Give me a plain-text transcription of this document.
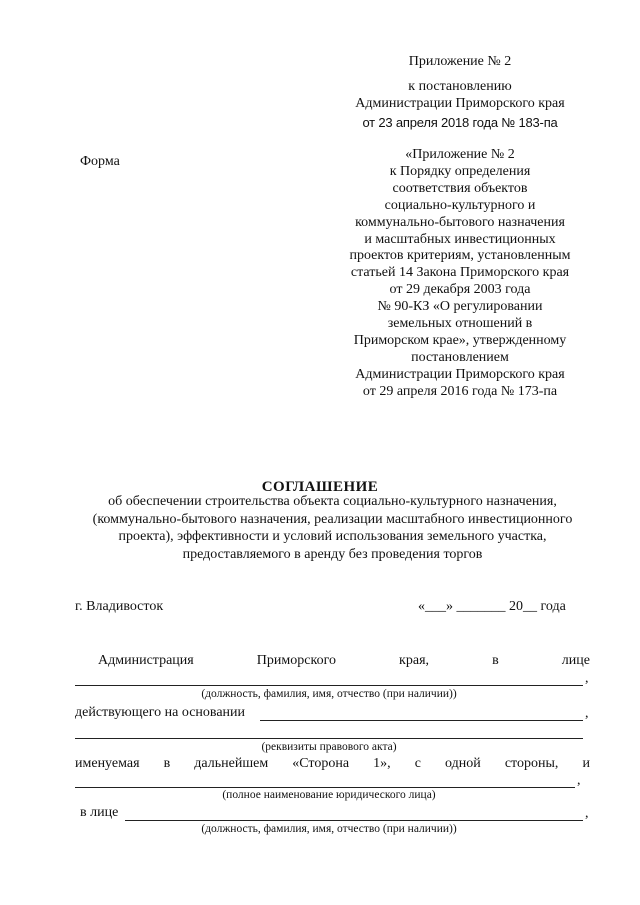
Приложение № 2
к постановлению
Администрации Приморского края
от 23 апреля 2018 года № 183-па
Форма	«Приложение № 2
к Порядку определения
соответствия объектов
социально-культурного и
коммунально-бытового назначения
и масштабных инвестиционных
проектов критериям, установленным
статьей 14 Закона Приморского края
от 29 декабря 2003 года
№ 90-КЗ «О регулировании
земельных отношений в
Приморском крае», утвержденному
постановлением
Администрации Приморского края
от 29 апреля 2016 года № 173-па
СОГЛАШЕНИЕ
об обеспечении строительства объекта социально-культурного назначения,
(коммунально-бытового назначения, реализации масштабного инвестиционного
проекта), эффективности и условий использования земельного участка,
предоставляемого в аренду без проведения торгов
г. Владивосток	«___» _______ 20__ года
Администрация	Приморского	края,	в	лице
,
(должность, фамилия, имя, отчество (при наличии))
действующего на основании	,
(реквизиты правового акта)
именуемая в дальнейшем «Сторона 1», с одной стороны, и
,
(полное наименование юридического лица)
в лице	,
(должность, фамилия, имя, отчество (при наличии))
